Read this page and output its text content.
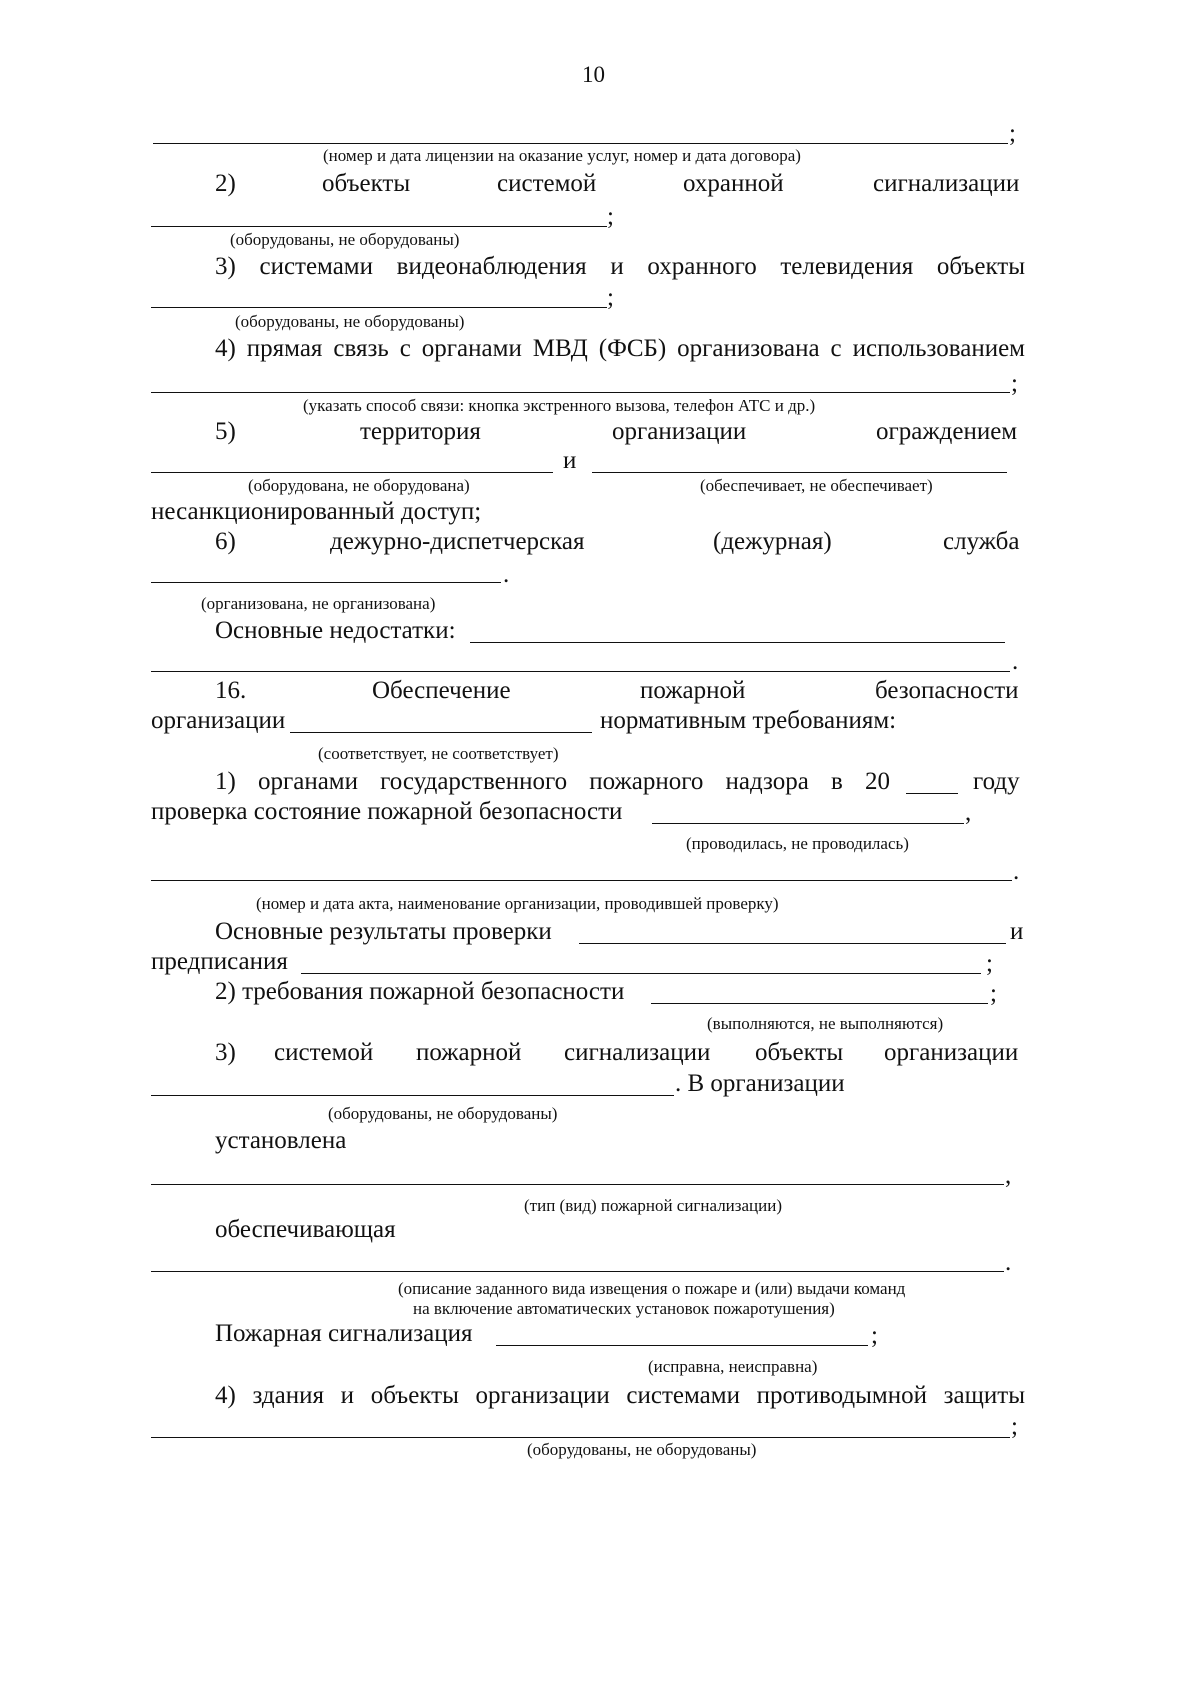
10
;
(номер и дата лицензии на оказание услуг, номер и дата договора)
2)	объекты	системой	охранной	сигнализации
;
(оборудованы, не оборудованы)
3) системами видеонаблюдения и охранного телевидения объекты
;
(оборудованы, не оборудованы)
4) прямая связь с органами МВД (ФСБ) организована с использованием
;
(указать способ связи: кнопка экстренного вызова, телефон АТС и др.)
5)	территория	организации	ограждением
и
(оборудована, не оборудована)	(обеспечивает, не обеспечивает)
несанкционированный доступ;
6)	дежурно-диспетчерская	(дежурная)	служба
.
(организована, не организована)
Основные недостатки:
.
16.	Обеспечение	пожарной	безопасности
организации	нормативным требованиям:
(соответствует, не соответствует)
1) органами государственного пожарного надзора в 20	году
проверка состояние пожарной безопасности	,
(проводилась, не проводилась)
.
(номер и дата акта, наименование организации, проводившей проверку)
Основные результаты проверки	и
предписания	;
2) требования пожарной безопасности	;
(выполняются, не выполняются)
3) системой пожарной сигнализации объекты организации
. В организации
(оборудованы, не оборудованы)
установлена
,
(тип (вид) пожарной сигнализации)
обеспечивающая
.
(описание заданного вида извещения о пожаре и (или) выдачи команд
на включение автоматических установок пожаротушения)
Пожарная сигнализация	;
(исправна, неисправна)
4) здания и объекты организации системами противодымной защиты
;
(оборудованы, не оборудованы)
